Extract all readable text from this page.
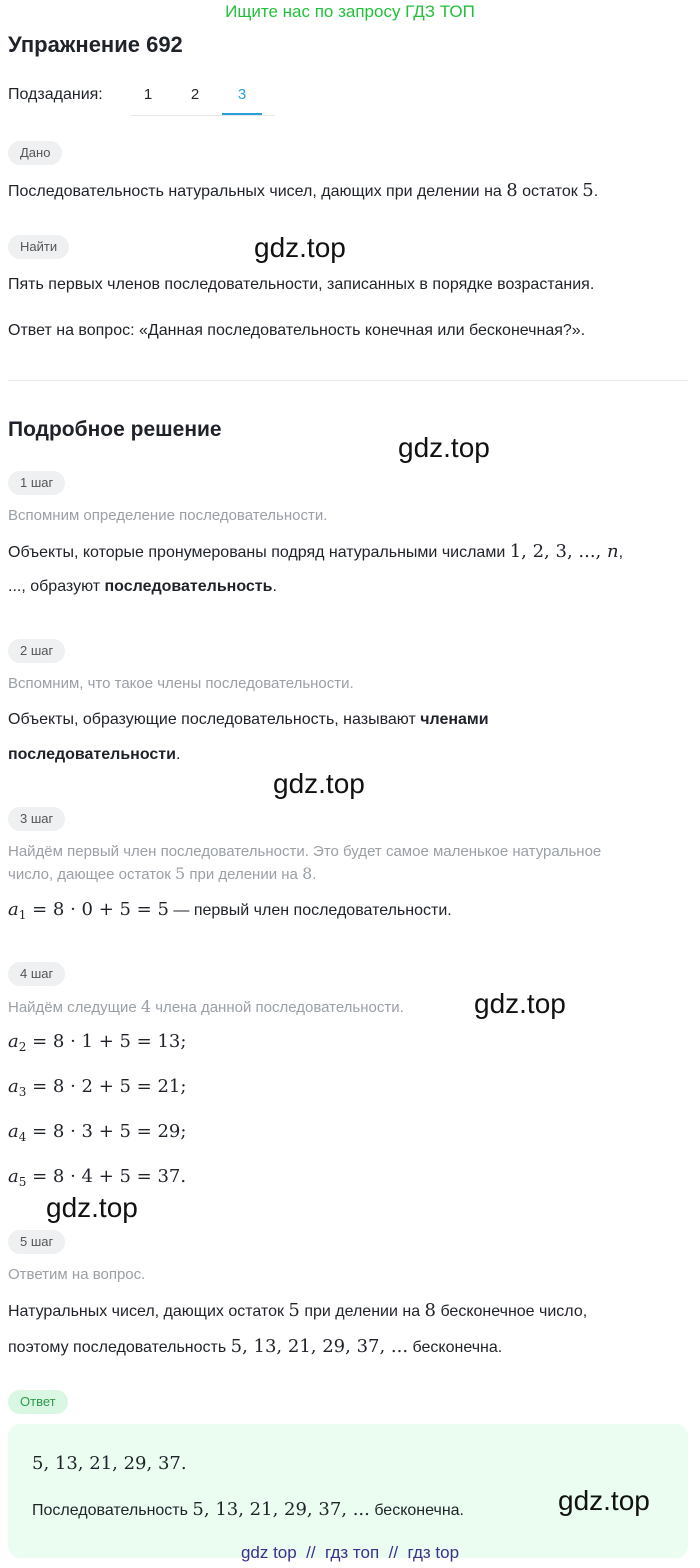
Ищите нас по запросу ГДЗ ТОП
Упражнение 692
Подзадания:	1	2	3
Дано
Последовательность натуральных чисел, дающих при делении на 8 остаток 5.
Найти
Пять первых членов последовательности, записанных в порядке возрастания.
Ответ на вопрос: «Данная последовательность конечная или бесконечная?».
Подробное решение
1 шаг
Вспомним определение последовательности.
Объекты, которые пронумерованы подряд натуральными числами 1, 2, 3, ..., n,
..., образуют последовательность.
2 шаг
Вспомним, что такое члены последовательности.
Объекты, образующие последовательность, называют членами
последовательности.
3 шаг
Найдём первый член последовательности. Это будет самое маленькое натуральное
число, дающее остаток 5 при делении на 8.
$a_1 = 8 \cdot 0 + 5 = 5$ — первый член последовательности.
4 шаг
Найдём следущие 4 члена данной последовательности.
$a_2 = 8 \cdot 1 + 5 = 13$;
$a_3 = 8 \cdot 2 + 5 = 21$;
$a_4 = 8 \cdot 3 + 5 = 29$;
$a_5 = 8 \cdot 4 + 5 = 37$.
5 шаг
Ответим на вопрос.
Натуральных чисел, дающих остаток 5 при делении на 8 бесконечное число,
поэтому последовательность 5, 13, 21, 29, 37, ... бесконечна.
Ответ
5, 13, 21, 29, 37.
Последовательность 5, 13, 21, 29, 37, ... бесконечна.
gdz.top
gdz.top
gdz.top
gdz.top
gdz.top
gdz.top
gdz top  //  гдз топ  //  гдз top
